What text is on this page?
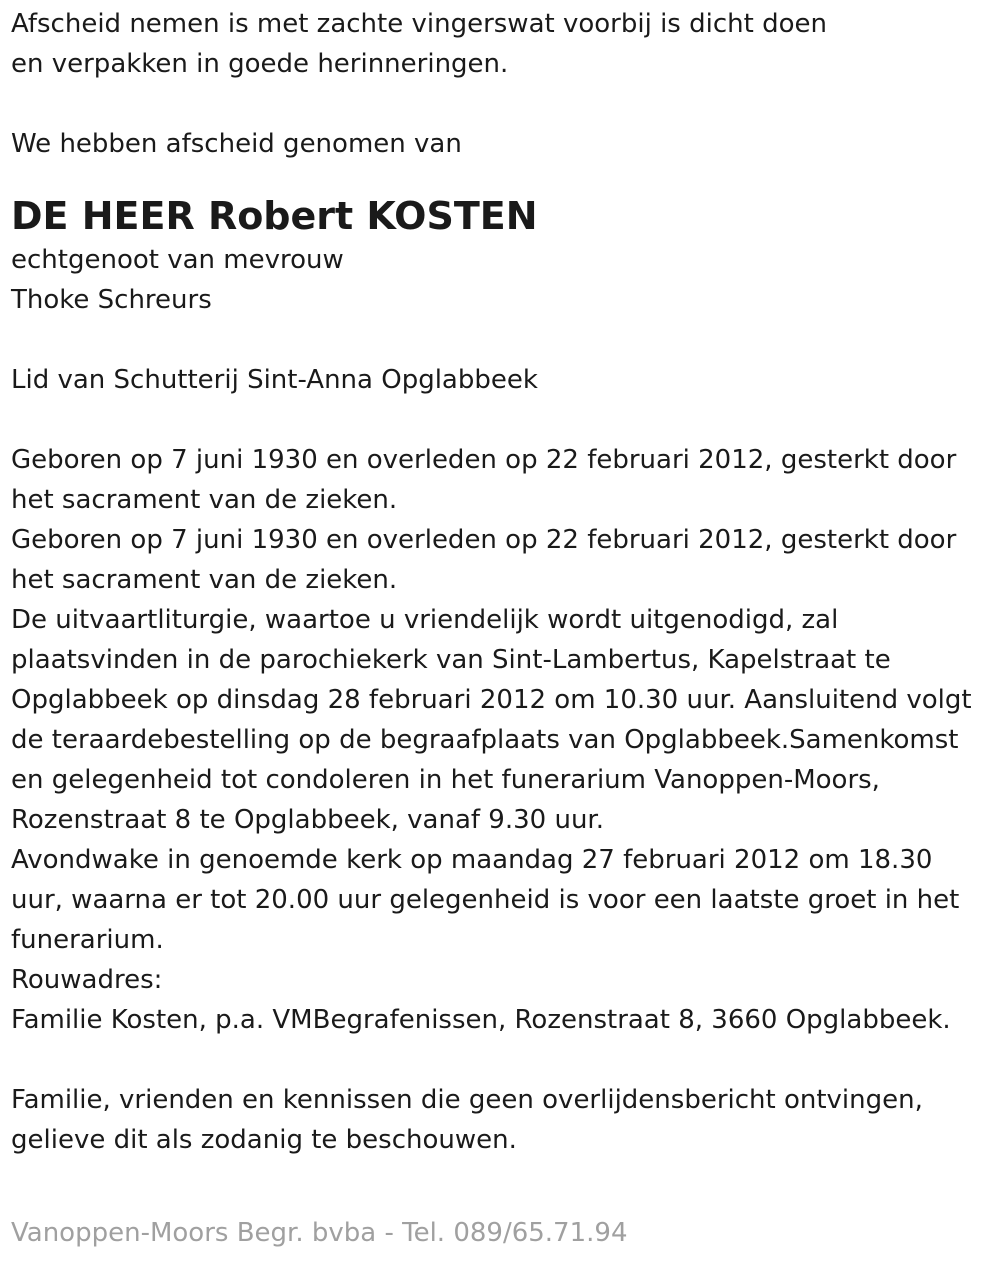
Afscheid nemen is met zachte vingerswat voorbij is dicht doen
en verpakken in goede herinneringen.
We hebben afscheid genomen van
DE HEER Robert KOSTEN
echtgenoot van mevrouw
Thoke Schreurs
Lid van Schutterij Sint-Anna Opglabbeek
Geboren op 7 juni 1930 en overleden op 22 februari 2012, gesterkt door
het sacrament van de zieken.
Geboren op 7 juni 1930 en overleden op 22 februari 2012, gesterkt door
het sacrament van de zieken.
De uitvaartliturgie, waartoe u vriendelijk wordt uitgenodigd, zal
plaatsvinden in de parochiekerk van Sint-Lambertus, Kapelstraat te
Opglabbeek op dinsdag 28 februari 2012 om 10.30 uur. Aansluitend volgt
de teraardebestelling op de begraafplaats van Opglabbeek.Samenkomst
en gelegenheid tot condoleren in het funerarium Vanoppen-Moors,
Rozenstraat 8 te Opglabbeek, vanaf 9.30 uur.
Avondwake in genoemde kerk op maandag 27 februari 2012 om 18.30
uur, waarna er tot 20.00 uur gelegenheid is voor een laatste groet in het
funerarium.
Rouwadres:
Familie Kosten, p.a. VMBegrafenissen, Rozenstraat 8, 3660 Opglabbeek.
Familie, vrienden en kennissen die geen overlijdensbericht ontvingen,
gelieve dit als zodanig te beschouwen.
Vanoppen-Moors Begr. bvba - Tel. 089/65.71.94
